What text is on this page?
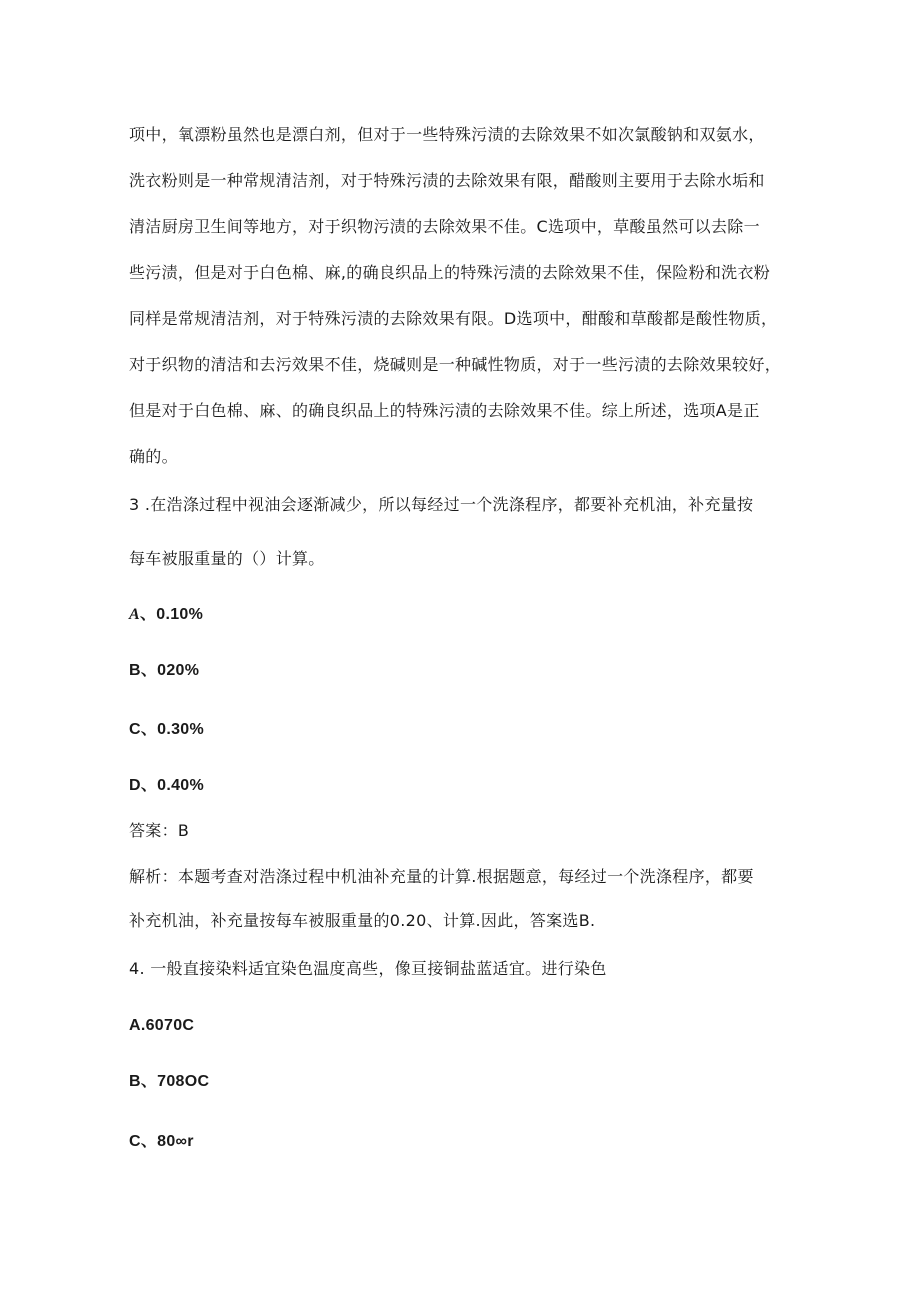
项中，氧漂粉虽然也是漂白剂，但对于一些特殊污渍的去除效果不如次氯酸钠和双氨水，
洗衣粉则是一种常规清洁剂，对于特殊污渍的去除效果有限，醋酸则主要用于去除水垢和
清洁厨房卫生间等地方，对于织物污渍的去除效果不佳。C选项中，草酸虽然可以去除一
些污渍，但是对于白色棉、麻,的确良织品上的特殊污渍的去除效果不佳，保险粉和洗衣粉
同样是常规清洁剂，对于特殊污渍的去除效果有限。D选项中，酣酸和草酸都是酸性物质，
对于织物的清洁和去污效果不佳，烧碱则是一种碱性物质，对于一些污渍的去除效果较好，
但是对于白色棉、麻、的确良织品上的特殊污渍的去除效果不佳。综上所述，选项A是正
确的。
3 .在浩涤过程中视油会逐渐减少，所以每经过一个洗涤程序，都要补充机油，补充量按
每车被服重量的（）计算。
A、0.10%
B、020%
C、0.30%
D、0.40%
答案：B
解析：本题考查对浩涤过程中机油补充量的计算.根据题意，每经过一个洗涤程序，都要
补充机油，补充量按每车被服重量的0.20、计算.因此，答案选B.
4. 一般直接染料适宜染色温度高些，像亘接铜盐蓝适宜。进行染色
A.6070C
B、708OC
C、80∞r
